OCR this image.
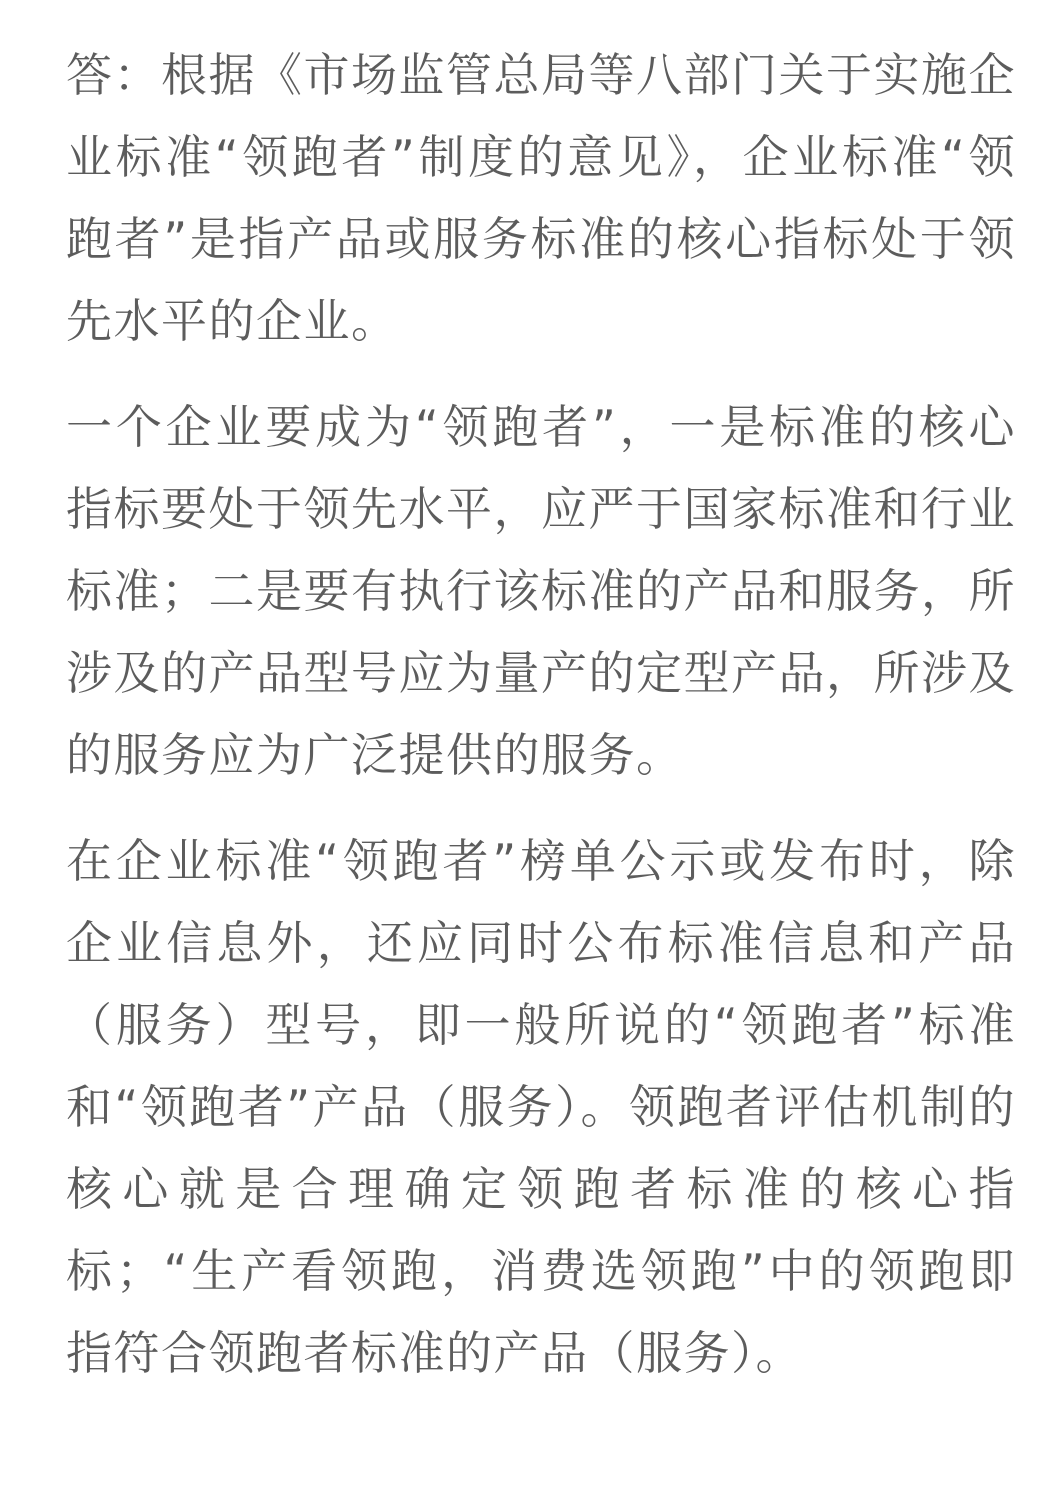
答：根据《市场监管总局等八部门关于实施企业标准“领跑者”制度的意见》，企业标准“领跑者”是指产品或服务标准的核心指标处于领先水平的企业。

一个企业要成为“领跑者”，一是标准的核心指标要处于领先水平，应严于国家标准和行业标准；二是要有执行该标准的产品和服务，所涉及的产品型号应为量产的定型产品，所涉及的服务应为广泛提供的服务。

在企业标准“领跑者”榜单公示或发布时，除企业信息外，还应同时公布标准信息和产品（服务）型号，即一般所说的“领跑者”标准和“领跑者”产品（服务）。领跑者评估机制的核心就是合理确定领跑者标准的核心指标；“生产看领跑，消费选领跑”中的领跑即指符合领跑者标准的产品（服务）。
